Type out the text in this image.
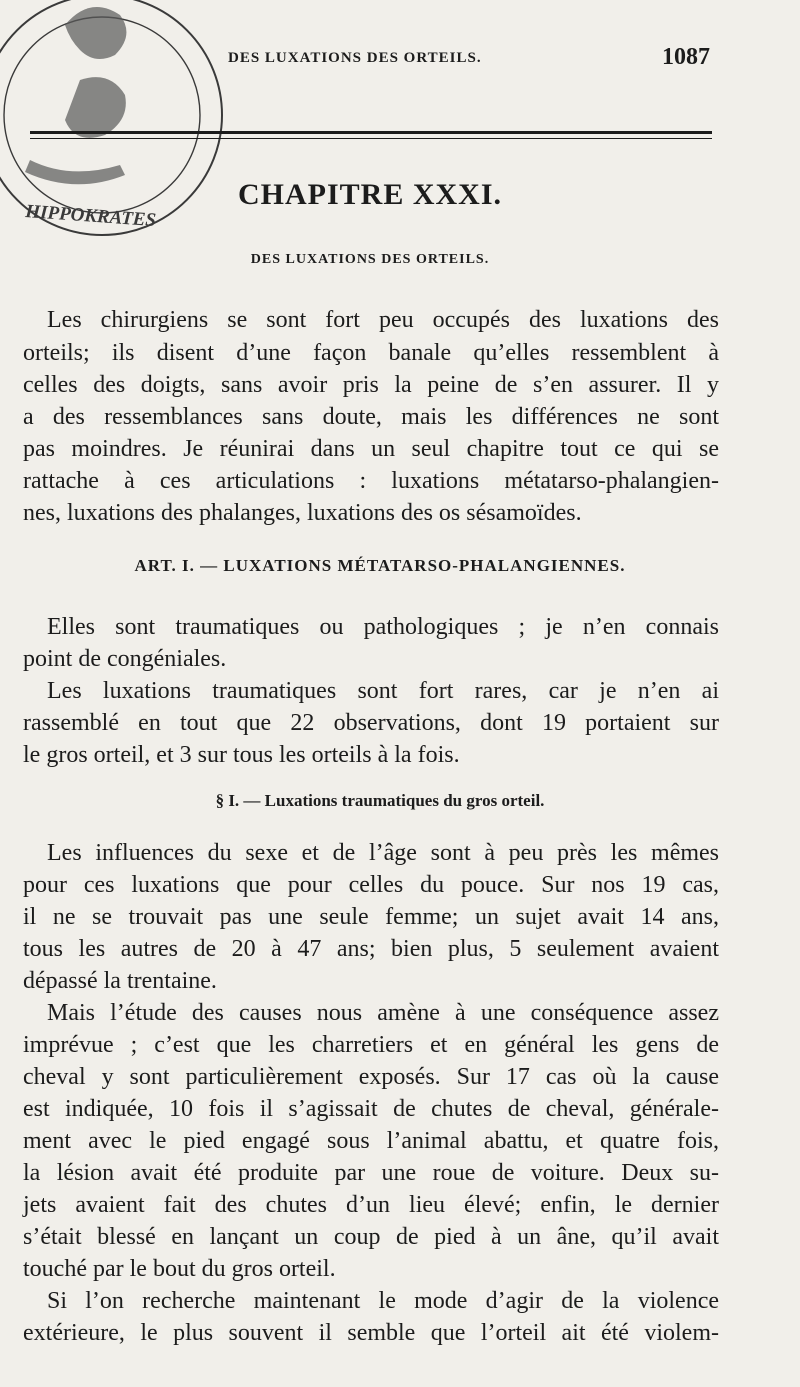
HIPPOKRATES
DES LUXATIONS DES ORTEILS.	1087
CHAPITRE XXXI.
DES LUXATIONS DES ORTEILS.
Les chirurgiens se sont fort peu occupés des luxations des
orteils; ils disent d’une façon banale qu’elles ressemblent à
celles des doigts, sans avoir pris la peine de s’en assurer. Il y
a des ressemblances sans doute, mais les différences ne sont
pas moindres. Je réunirai dans un seul chapitre tout ce qui se
rattache à ces articulations : luxations métatarso-phalangien-
nes, luxations des phalanges, luxations des os sésamoïdes.
ART. I. — LUXATIONS MÉTATARSO-PHALANGIENNES.
Elles sont traumatiques ou pathologiques ; je n’en connais
point de congéniales.
Les luxations traumatiques sont fort rares, car je n’en ai
rassemblé en tout que 22 observations, dont 19 portaient sur
le gros orteil, et 3 sur tous les orteils à la fois.
§ I. — Luxations traumatiques du gros orteil.
Les influences du sexe et de l’âge sont à peu près les mêmes
pour ces luxations que pour celles du pouce. Sur nos 19 cas,
il ne se trouvait pas une seule femme; un sujet avait 14 ans,
tous les autres de 20 à 47 ans; bien plus, 5 seulement avaient
dépassé la trentaine.
Mais l’étude des causes nous amène à une conséquence assez
imprévue ; c’est que les charretiers et en général les gens de
cheval y sont particulièrement exposés. Sur 17 cas où la cause
est indiquée, 10 fois il s’agissait de chutes de cheval, générale-
ment avec le pied engagé sous l’animal abattu, et quatre fois,
la lésion avait été produite par une roue de voiture. Deux su-
jets avaient fait des chutes d’un lieu élevé; enfin, le dernier
s’était blessé en lançant un coup de pied à un âne, qu’il avait
touché par le bout du gros orteil.
Si l’on recherche maintenant le mode d’agir de la violence
extérieure, le plus souvent il semble que l’orteil ait été violem-
